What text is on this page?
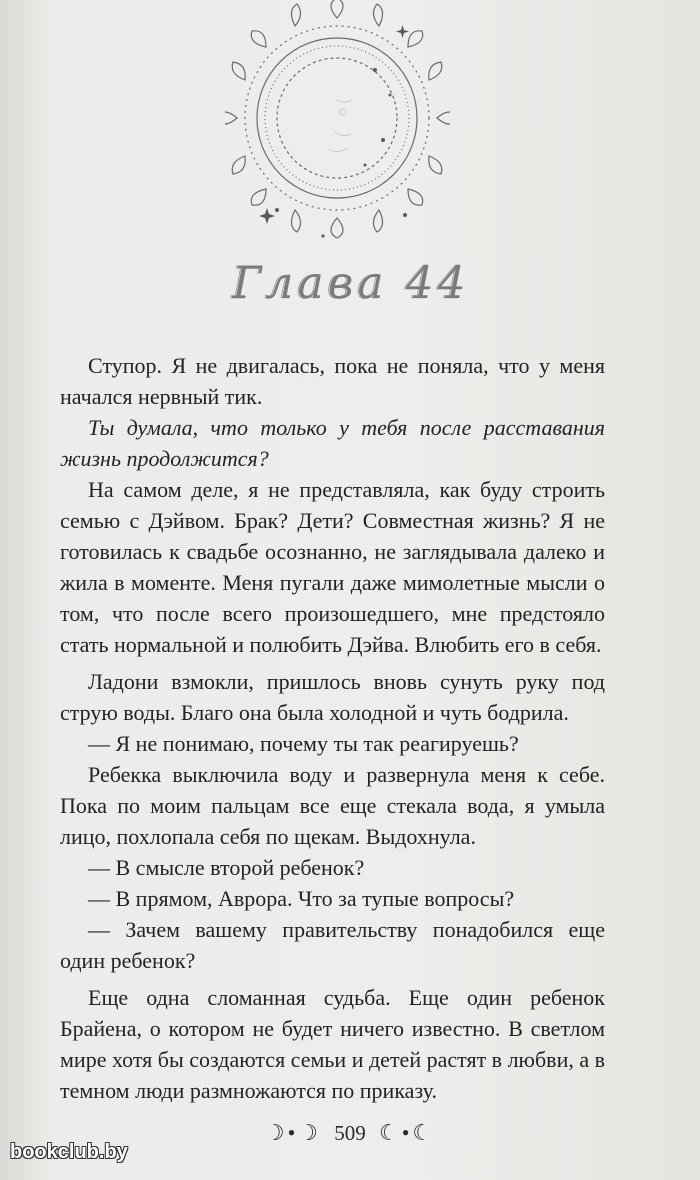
Глава 44

Ступор. Я не двигалась, пока не поняла, что у меня начался нервный тик.

Ты думала, что только у тебя после расставания жизнь продолжится?

На самом деле, я не представляла, как буду строить семью с Дэйвом. Брак? Дети? Совместная жизнь? Я не готовилась к свадьбе осознанно, не заглядывала далеко и жила в моменте. Меня пугали даже мимолетные мысли о том, что после всего произошедшего, мне предстояло стать нормальной и полюбить Дэйва. Влюбить его в себя.

Ладони взмокли, пришлось вновь сунуть руку под струю воды. Благо она была холодной и чуть бодрила.

— Я не понимаю, почему ты так реагируешь?

Ребекка выключила воду и развернула меня к себе. Пока по моим пальцам все еще стекала вода, я умыла лицо, похлопала себя по щекам. Выдохнула.

— В смысле второй ребенок?

— В прямом, Аврора. Что за тупые вопросы?

— Зачем вашему правительству понадобился еще один ребенок?

Еще одна сломанная судьба. Еще один ребенок Брайена, о котором не будет ничего известно. В светлом мире хотя бы создаются семьи и детей растят в любви, а в темном люди размножаются по приказу.

☽•☽ 509 ☾•☾
bookclub.by
